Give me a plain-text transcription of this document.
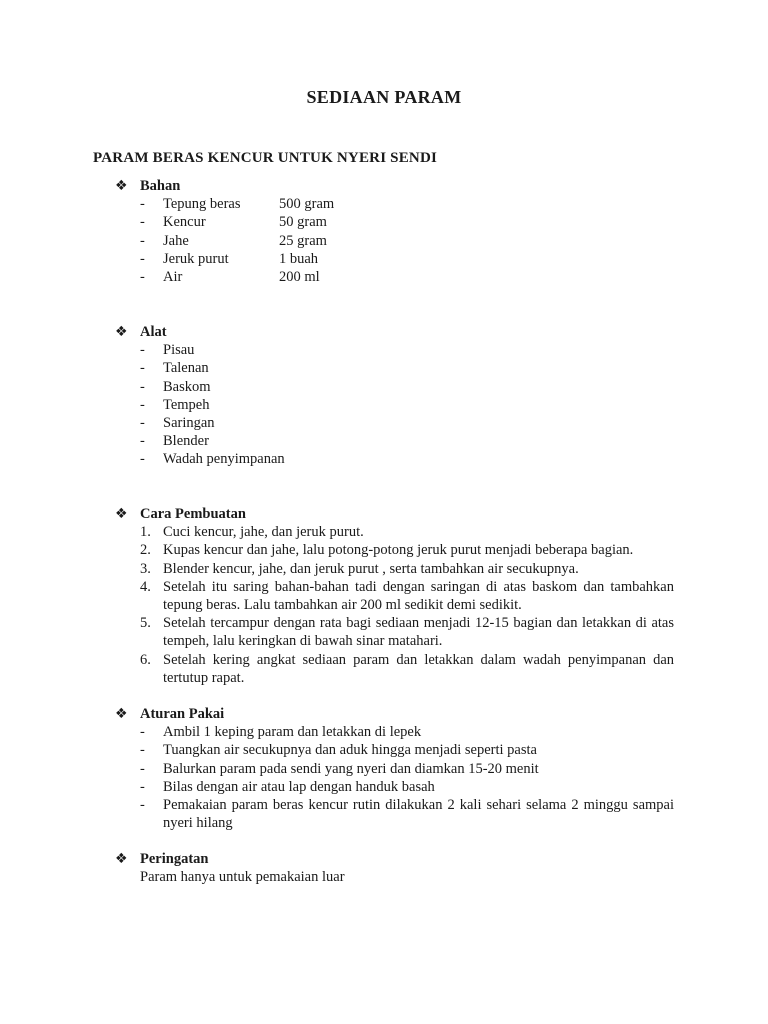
SEDIAAN PARAM
PARAM BERAS KENCUR UNTUK NYERI SENDI
❖ Bahan
- Tepung beras	500 gram
- Kencur	50 gram
- Jahe	25 gram
- Jeruk purut	1 buah
- Air	200 ml
❖ Alat
- Pisau
- Talenan
- Baskom
- Tempeh
- Saringan
- Blender
- Wadah penyimpanan
❖ Cara Pembuatan
1. Cuci kencur, jahe, dan jeruk purut.
2. Kupas kencur dan jahe, lalu potong-potong jeruk purut menjadi beberapa bagian.
3. Blender kencur, jahe, dan jeruk purut , serta tambahkan air secukupnya.
4. Setelah itu saring bahan-bahan tadi dengan saringan di atas baskom dan tambahkan tepung beras. Lalu tambahkan air 200 ml sedikit demi sedikit.
5. Setelah tercampur dengan rata bagi sediaan menjadi 12-15 bagian dan letakkan di atas tempeh, lalu keringkan di bawah sinar matahari.
6. Setelah kering angkat sediaan param dan letakkan dalam wadah penyimpanan dan tertutup rapat.
❖ Aturan Pakai
- Ambil 1 keping param dan letakkan di lepek
- Tuangkan air secukupnya dan aduk hingga menjadi seperti pasta
- Balurkan param pada sendi yang nyeri dan diamkan 15-20 menit
- Bilas dengan air atau lap dengan handuk basah
- Pemakaian param beras kencur rutin dilakukan 2 kali sehari selama 2 minggu sampai nyeri hilang
❖ Peringatan
Param hanya untuk pemakaian luar
